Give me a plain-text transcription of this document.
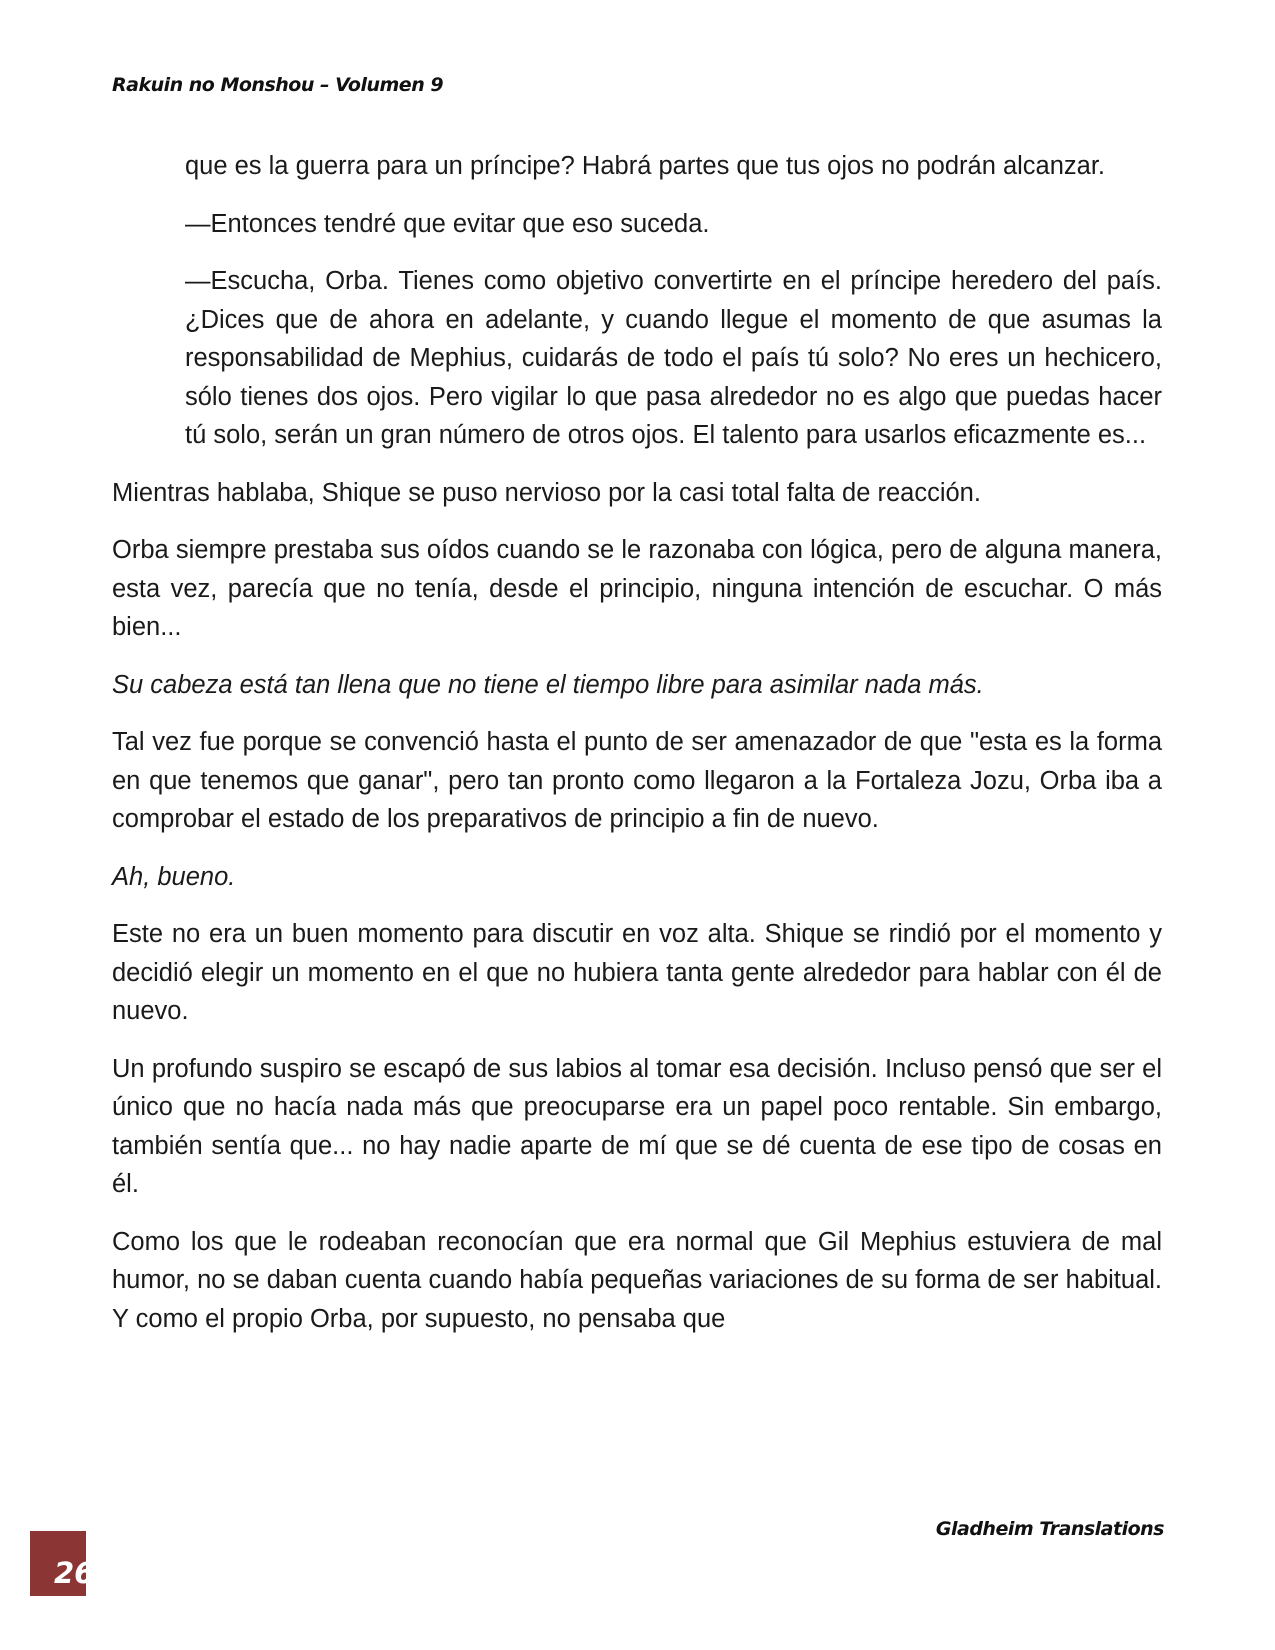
Rakuin no Monshou – Volumen 9

que es la guerra para un príncipe? Habrá partes que tus ojos no podrán alcanzar.

—Entonces tendré que evitar que eso suceda.

—Escucha, Orba. Tienes como objetivo convertirte en el príncipe heredero del país. ¿Dices que de ahora en adelante, y cuando llegue el momento de que asumas la responsabilidad de Mephius, cuidarás de todo el país tú solo? No eres un hechicero, sólo tienes dos ojos. Pero vigilar lo que pasa alrededor no es algo que puedas hacer tú solo, serán un gran número de otros ojos. El talento para usarlos eficazmente es...

Mientras hablaba, Shique se puso nervioso por la casi total falta de reacción.

Orba siempre prestaba sus oídos cuando se le razonaba con lógica, pero de alguna manera, esta vez, parecía que no tenía, desde el principio, ninguna intención de escuchar. O más bien...

Su cabeza está tan llena que no tiene el tiempo libre para asimilar nada más.

Tal vez fue porque se convenció hasta el punto de ser amenazador de que "esta es la forma en que tenemos que ganar", pero tan pronto como llegaron a la Fortaleza Jozu, Orba iba a comprobar el estado de los preparativos de principio a fin de nuevo.

Ah, bueno.

Este no era un buen momento para discutir en voz alta. Shique se rindió por el momento y decidió elegir un momento en el que no hubiera tanta gente alrededor para hablar con él de nuevo.

Un profundo suspiro se escapó de sus labios al tomar esa decisión. Incluso pensó que ser el único que no hacía nada más que preocuparse era un papel poco rentable. Sin embargo, también sentía que... no hay nadie aparte de mí que se dé cuenta de ese tipo de cosas en él.

Como los que le rodeaban reconocían que era normal que Gil Mephius estuviera de mal humor, no se daban cuenta cuando había pequeñas variaciones de su forma de ser habitual. Y como el propio Orba, por supuesto, no pensaba que

Gladheim Translations
26
